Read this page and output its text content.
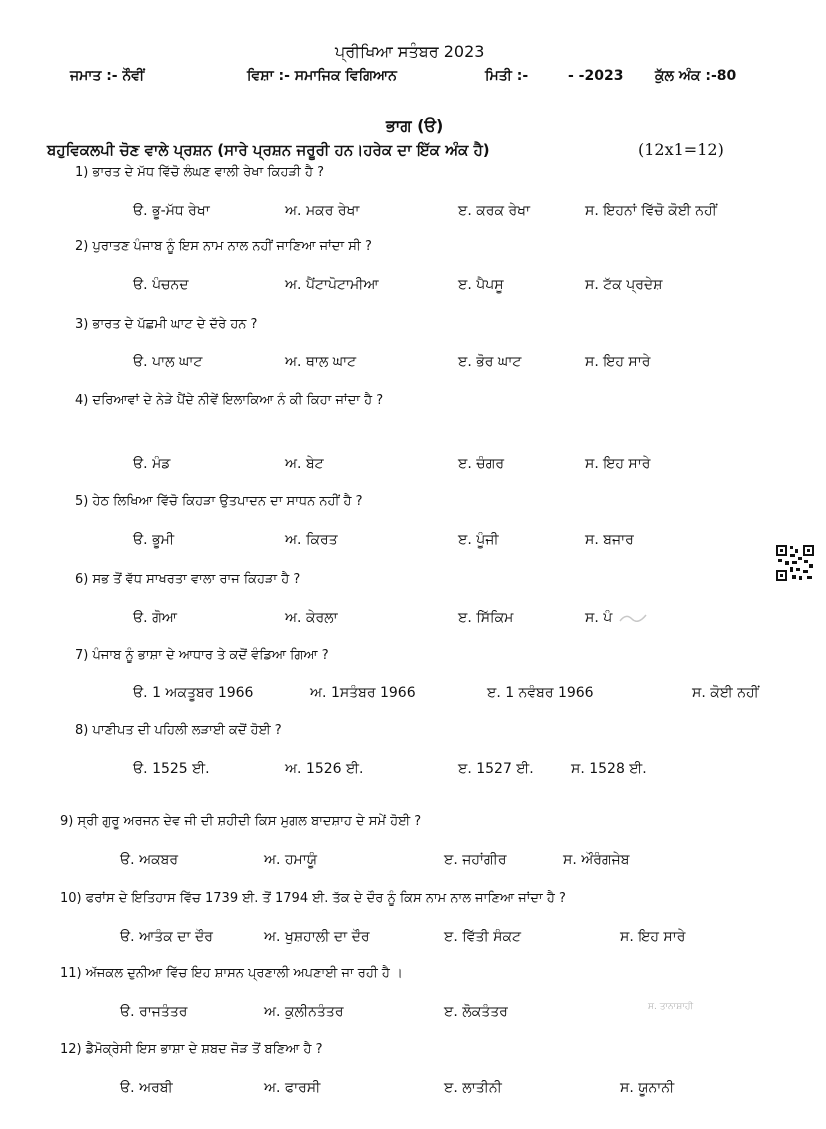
ਪ੍ਰੀਖਿਆ ਸਤੰਬਰ 2023
ਜਮਾਤ :- ਨੌਵੀਂ	ਵਿਸ਼ਾ :- ਸਮਾਜਿਕ ਵਿਗਿਆਨ	ਮਿਤੀ :-	- -2023 ਕੁੱਲ ਅੰਕ :-80
ਭਾਗ (ੳ)
ਬਹੁਵਿਕਲਪੀ ਚੋਣ ਵਾਲੇ ਪ੍ਰਸ਼ਨ (ਸਾਰੇ ਪ੍ਰਸ਼ਨ ਜਰੂਰੀ ਹਨ।ਹਰੇਕ ਦਾ ਇੱਕ ਅੰਕ ਹੈ)	(12x1=12)
1) ਭਾਰਤ ਦੇ ਮੱਧ ਵਿੱਚੋ ਲੰਘਣ ਵਾਲੀ ਰੇਖਾ ਕਿਹੜੀ ਹੈ ?
ੳ. ਭੂ-ਮੱਧ ਰੇਖਾ	ਅ. ਮਕਰ ਰੇਖਾ	ੲ. ਕਰਕ ਰੇਖਾ	ਸ. ਇਹਨਾਂ ਵਿੱਚੋ ਕੋਈ ਨਹੀਂ
2) ਪੁਰਾਤਣ ਪੰਜਾਬ ਨੂੰ ਇਸ ਨਾਮ ਨਾਲ ਨਹੀਂ ਜਾਣਿਆ ਜਾਂਦਾ ਸੀ ?
ੳ. ਪੰਚਨਦ	ਅ. ਪੈਂਟਾਪੋਟਾਮੀਆ	ੲ. ਪੈਪਸੂ	ਸ. ਟੱਕ ਪ੍ਰਦੇਸ਼
3) ਭਾਰਤ ਦੇ ਪੱਛਮੀ ਘਾਟ ਦੇ ਦੱਰੇ ਹਨ ?
ੳ. ਪਾਲ ਘਾਟ	ਅ. ਥਾਲ ਘਾਟ	ੲ. ਭੋਰ ਘਾਟ	ਸ. ਇਹ ਸਾਰੇ
4) ਦਰਿਆਵਾਂ ਦੇ ਨੇੜੇ ਪੈਂਦੇ ਨੀਵੇਂ ਇਲਾਕਿਆ ਨੰ ਕੀ ਕਿਹਾ ਜਾਂਦਾ ਹੈ ?
ੳ. ਮੰਡ	ਅ. ਬੇਟ	ੲ. ਚੰਗਰ	ਸ. ਇਹ ਸਾਰੇ
5) ਹੇਠ ਲਿਖਿਆ ਵਿੱਚੋ ਕਿਹੜਾ ਉਤਪਾਦਨ ਦਾ ਸਾਧਨ ਨਹੀਂ ਹੈ ?
ੳ. ਭੂਮੀ	ਅ. ਕਿਰਤ	ੲ. ਪੂੰਜੀ	ਸ. ਬਜਾਰ
6) ਸਭ ਤੋਂ ਵੱਧ ਸਾਖਰਤਾ ਵਾਲਾ ਰਾਜ ਕਿਹੜਾ ਹੈ ?
ੳ. ਗੋਆ	ਅ. ਕੇਰਲਾ	ੲ. ਸਿੱਕਿਮ	ਸ. ਪੰ
7) ਪੰਜਾਬ ਨੂੰ ਭਾਸ਼ਾ ਦੇ ਆਧਾਰ ਤੇ ਕਦੋਂ ਵੰਡਿਆ ਗਿਆ ?
ੳ. 1 ਅਕਤੂਬਰ 1966	ਅ. 1ਸਤੰਬਰ 1966	ੲ. 1 ਨਵੰਬਰ 1966	ਸ. ਕੋਈ ਨਹੀਂ
8) ਪਾਣੀਪਤ ਦੀ ਪਹਿਲੀ ਲੜਾਈ ਕਦੋਂ ਹੋਈ ?
ੳ. 1525 ਈ.	ਅ. 1526 ਈ.	ੲ. 1527 ਈ.	ਸ. 1528 ਈ.
9) ਸ੍ਰੀ ਗੁਰੂ ਅਰਜਨ ਦੇਵ ਜੀ ਦੀ ਸ਼ਹੀਦੀ ਕਿਸ ਮੁਗਲ ਬਾਦਸ਼ਾਹ ਦੇ ਸਮੇਂ ਹੋਈ ?
ੳ. ਅਕਬਰ	ਅ. ਹਮਾਯੂੰ	ੲ. ਜਹਾਂਗੀਰ	ਸ. ਔਰੰਗਜੇਬ
10) ਫਰਾਂਸ ਦੇ ਇਤਿਹਾਸ ਵਿੱਚ 1739 ਈ. ਤੋਂ 1794 ਈ. ਤੱਕ ਦੇ ਦੌਰ ਨੂੰ ਕਿਸ ਨਾਮ ਨਾਲ ਜਾਣਿਆ ਜਾਂਦਾ ਹੈ ?
ੳ. ਆਤੰਕ ਦਾ ਦੌਰ	ਅ. ਖੁਸ਼ਹਾਲੀ ਦਾ ਦੌਰ	ੲ. ਵਿੱਤੀ ਸੰਕਟ	ਸ. ਇਹ ਸਾਰੇ
11) ਅੱਜਕਲ ਦੁਨੀਆ ਵਿੱਚ ਇਹ ਸ਼ਾਸਨ ਪ੍ਰਣਾਲੀ ਅਪਣਾਈ ਜਾ ਰਹੀ ਹੈ ।
ੳ. ਰਾਜਤੰਤਰ	ਅ. ਕੁਲੀਨਤੰਤਰ	ੲ. ਲੋਕਤੰਤਰ	ਸ. ਤਾਨਾਸ਼ਾਹੀ
12) ਡੈਮੋਕ੍ਰੇਸੀ ਇਸ ਭਾਸ਼ਾ ਦੇ ਸ਼ਬਦ ਜੋੜ ਤੋਂ ਬਣਿਆ ਹੈ ?
ੳ. ਅਰਬੀ	ਅ. ਫਾਰਸੀ	ੲ. ਲਾਤੀਨੀ	ਸ. ਯੂਨਾਨੀ
